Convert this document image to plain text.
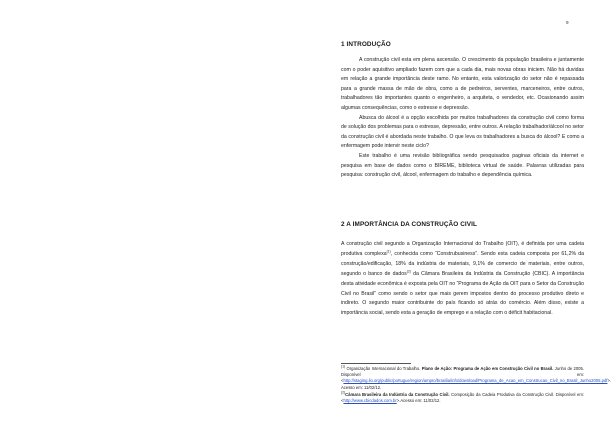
9
1 INTRODUÇÃO

A construção civil esta em plena ascensão. O crescimento da população brasileira e juntamente com o poder aquisitivo ampliado fazem com que a cada dia, mais novas obras iniciem. Não há duvidas em relação a grande importância deste ramo. No entanto, esta valorização do setor não é repassada para a grande massa de mão de obra, como a de pedreiros, serventes, marceneiros, entre outros, trabalhadores tão importantes quanto o engenheiro, a arquiteta, o vendedor, etc. Ocasionando assim algumas consequências, como o estresse e depressão.

Abusca do álcool é a opção escolhida por muitos trabalhadores da construção civil como forma de solução dos problemas para o estresse, depressão, entre outros. A relação trabalhador/álcool no setor da construção civil é abordada neste trabalho. O que leva os trabalhadores a busca do álcool? E como a enfermagem pode intervir neste ciclo?

Este trabalho é uma revisão bibliográfica sendo pesquisados paginas oficiais da internet e pesquisa em base de dados como o BIREME, biblioteca virtual de saúde. Palavras utilizadas para pesquisa: construção civil, álcool, enfermagem do trabalho e dependência química.

2 A IMPORTÂNCIA DA CONSTRUÇÃO CIVIL

A construção civil segundo a Organização Internacional do Trabalho (OIT), é definida por uma cadeia produtiva complexa$^{(1)}$, conhecida como “Construbusiness”. Sendo esta cadeia composta por 61,2% da construção/edificação, 18% da indústria de materiais, 9,1% de comercio de materiais, entre outros, segundo o banco de dados$^{(2)}$ da Câmara Brasileira da Indústria da Construção (CBIC). A importância desta atividade econômica é exposta pela OIT no “Programa de Ação da OIT para o Setor da Construção Civil no Brasil” como sendo o setor que mais gerem impostos dentro do processo produtivo direto e indireto. O segundo maior contribuinte do país ficando só atrás do comércio. Além disso, existe a importância social, sendo esta a geração de emprego e a relação com o déficit habitacional.

$^{(1)}$ Organização Internacional do Trabalho. Plano de Ação: Programa de Ação em Construção Civil no Brasil. Junho de 2005. Disponível em:<http://staging.ilo.org/public/portugue/region/ampro/brasilia/info/download/Programa_de_Acao_em_Construcao_Civil_no_Brasil_Junho2005.pdf>. Acesso em: 11/02/12.
$^{(2)}$Câmara Brasileira da Indústria da Construção Civil. Composição da Cadeia Produtiva da Construção Civil. Disponível em: <http://www.cbicdados.com.br>.Acesso em: 11/02/12.
